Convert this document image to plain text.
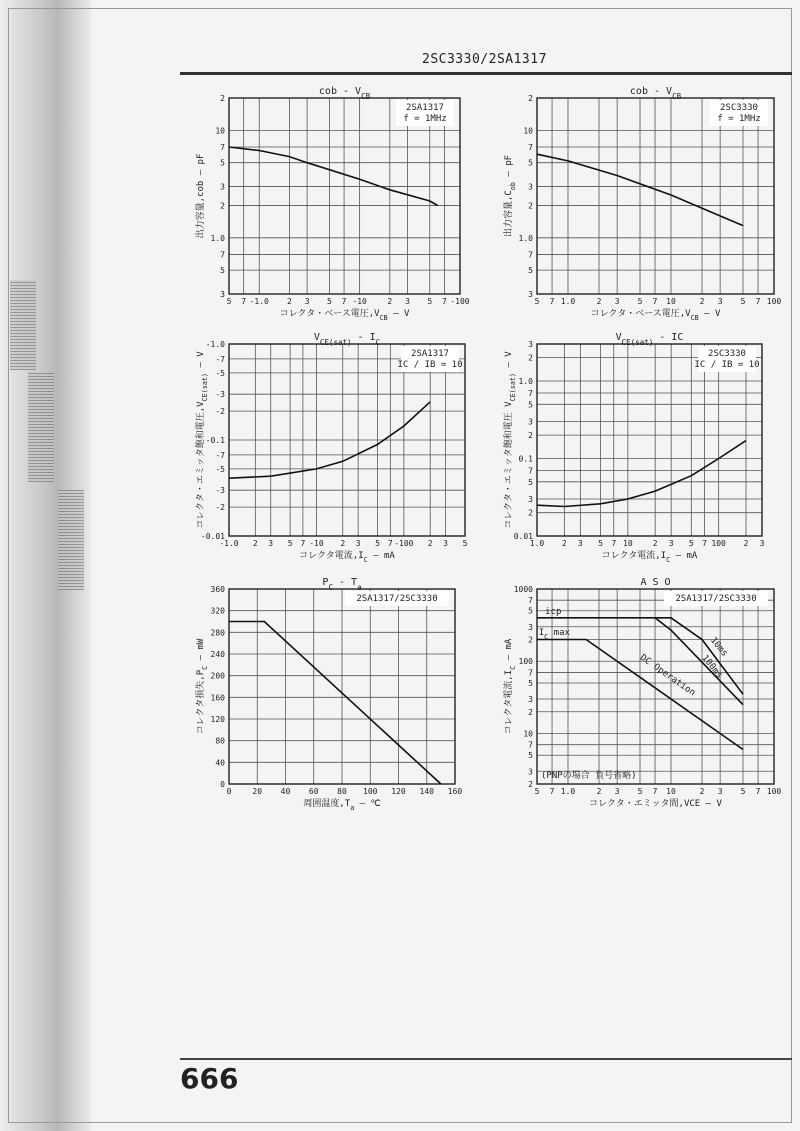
2SC3330/2SA1317
5 7 -1.0 2 3 5 7 -10	2 3 5 7 -100
3
5
7
1.0
2
3
5
7
10
2
cob - $V_{CB}$
コレクタ・ベース電圧$,V_{CB}$ — V
出力容量,cob — pF
2SA1317
f = 1MHz
5 7 1.0	2 3 5 7 10	2 3 5 7 100
3
5
7
1.0
2
3
5
7
10
2
cob - $V_{CB}$
コレクタ・ベース電圧$,V_{CB}$ — V
出力容量$,C_{ob}$ — pF
2SC3330
f = 1MHz
-1.0 2 3 5 7 -10 2 3 5 7 -100 2 3 5
-0.01
-2
-3
-5
-7
-0.1
-2
-3
-5
-7
-1.0
$V_{CE(sat)} - I_C$
コレクタ電流$,I_C$ — mA
コレクタ・エミッタ飽和電圧$,V_{CE(sat)}$ — V	2SA1317
IC / IB = 10
1.0 2 3 5 7 10	2 3 5 7 100 2 3
0.01
2
3
5
7
0.1
2
3
5
7
1.0
2
3
$V_{CE(sat)}$ - IC
コレクタ電流$,I_C$ — mA
コレクタ・エミッタ飽和電圧 $V_{CE(sat)}$ — V	2SC3330
IC / IB = 10
0	20 40 60 80 100 120 140 160
0
40
80
120
160
200
240
280
320
360
$P_C - T_a$
周囲温度$,T_a$ — ℃
コレクタ損失$,P_C$ — mW
2SA1317/2SC3330
5 7 1.0	2 3 5 7 10	2 3 5 7 100
2
3
5
7
10
2
3
5
7
100
2
3
5
7
1000
A S O
コレクタ・エミッタ間,VCE — V
コレクタ電流$,I_C$ — mA
2SA1317/2SC3330
icp
$I_C$ max
10ms
100ms
DC Operation
(PNPの場合 負号省略)
666
